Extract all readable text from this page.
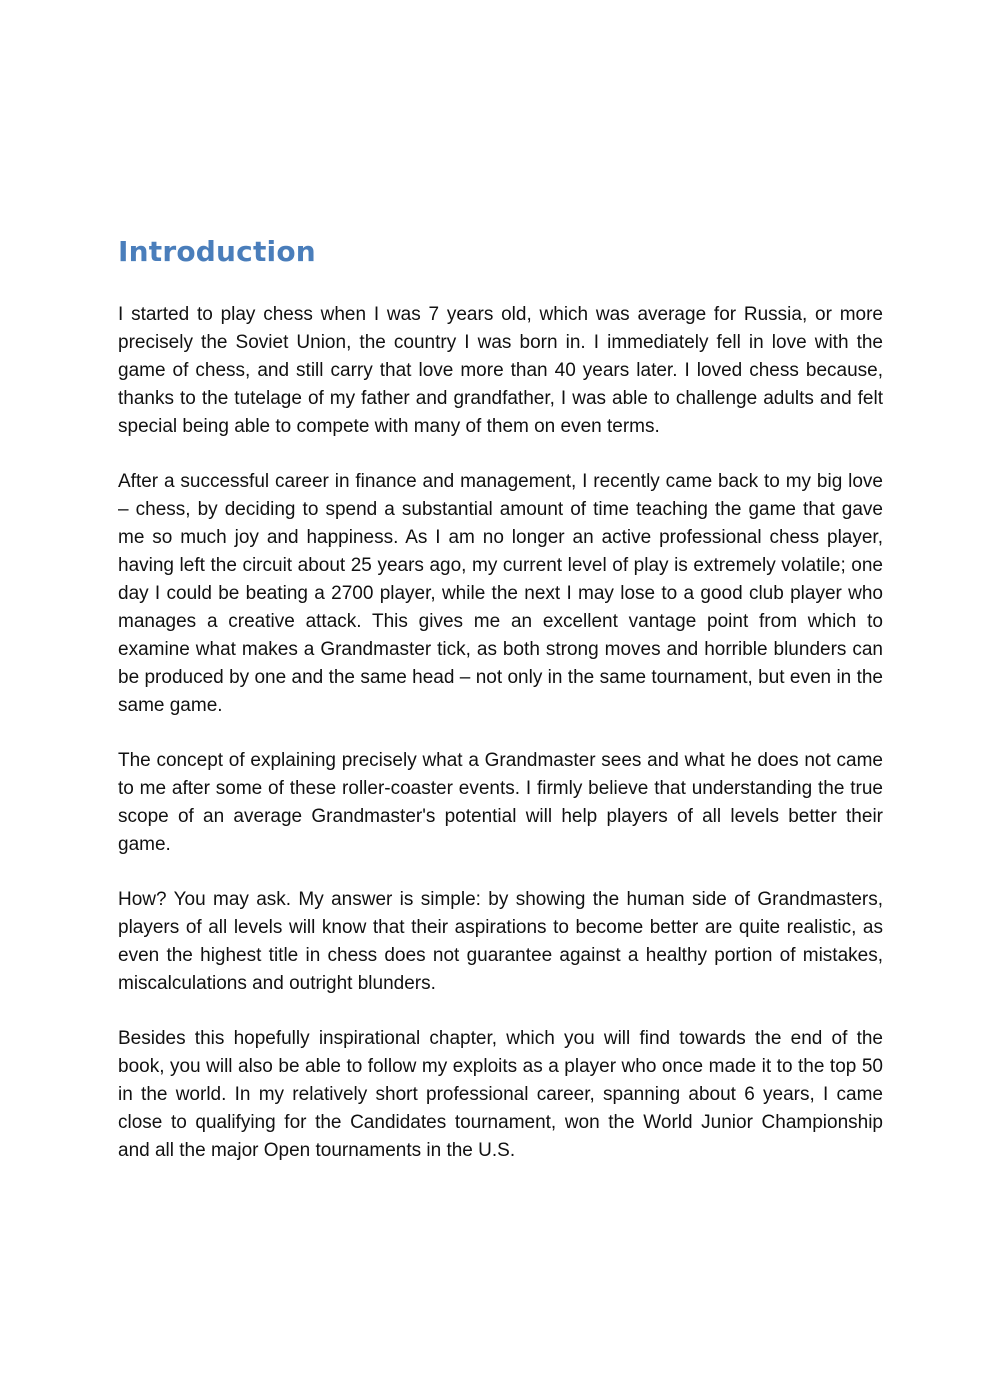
Introduction

I started to play chess when I was 7 years old, which was average for Russia, or more precisely the Soviet Union, the country I was born in. I immediately fell in love with the game of chess, and still carry that love more than 40 years later. I loved chess because, thanks to the tutelage of my father and grandfather, I was able to challenge adults and felt special being able to compete with many of them on even terms.

After a successful career in finance and management, I recently came back to my big love – chess, by deciding to spend a substantial amount of time teaching the game that gave me so much joy and happiness. As I am no longer an active professional chess player, having left the circuit about 25 years ago, my current level of play is extremely volatile; one day I could be beating a 2700 player, while the next I may lose to a good club player who manages a creative attack. This gives me an excellent vantage point from which to examine what makes a Grandmaster tick, as both strong moves and horrible blunders can be produced by one and the same head – not only in the same tournament, but even in the same game.

The concept of explaining precisely what a Grandmaster sees and what he does not came to me after some of these roller-coaster events. I firmly believe that understanding the true scope of an average Grandmaster's potential will help players of all levels better their game.

How? You may ask. My answer is simple: by showing the human side of Grandmasters, players of all levels will know that their aspirations to become better are quite realistic, as even the highest title in chess does not guarantee against a healthy portion of mistakes, miscalculations and outright blunders.

Besides this hopefully inspirational chapter, which you will find towards the end of the book, you will also be able to follow my exploits as a player who once made it to the top 50 in the world. In my relatively short professional career, spanning about 6 years, I came close to qualifying for the Candidates tournament, won the World Junior Championship and all the major Open tournaments in the U.S.
